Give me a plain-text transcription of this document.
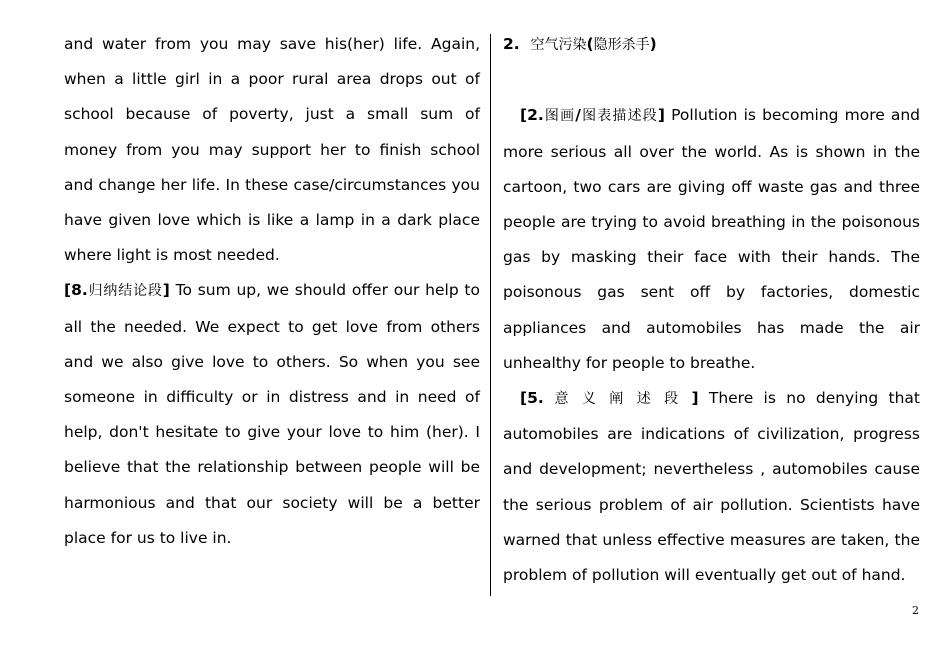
and water from you may save his(her) life. Again, when a little girl in a poor rural area drops out of school because of poverty, just a small sum of money from you may support her to finish school and change her life. In these case/circumstances you have given love which is like a lamp in a dark place where light is most needed.

[8.归纳结论段] To sum up, we should offer our help to all the needed. We expect to get love from others and we also give love to others. So when you see someone in difficulty or in distress and in need of help, don't hesitate to give your love to him (her). I believe that the relationship between people will be harmonious and that our society will be a better place for us to live in.

2. 空气污染(隐形杀手)

[2.图画/图表描述段] Pollution is becoming more and more serious all over the world. As is shown in the cartoon, two cars are giving off waste gas and three people are trying to avoid breathing in the poisonous gas by masking their face with their hands. The poisonous gas sent off by factories, domestic appliances and automobiles has made the air unhealthy for people to breathe.

[5. 意义阐述段] There is no denying that automobiles are indications of civilization, progress and development; nevertheless , automobiles cause the serious problem of air pollution. Scientists have warned that unless effective measures are taken, the problem of pollution will eventually get out of hand.

2
